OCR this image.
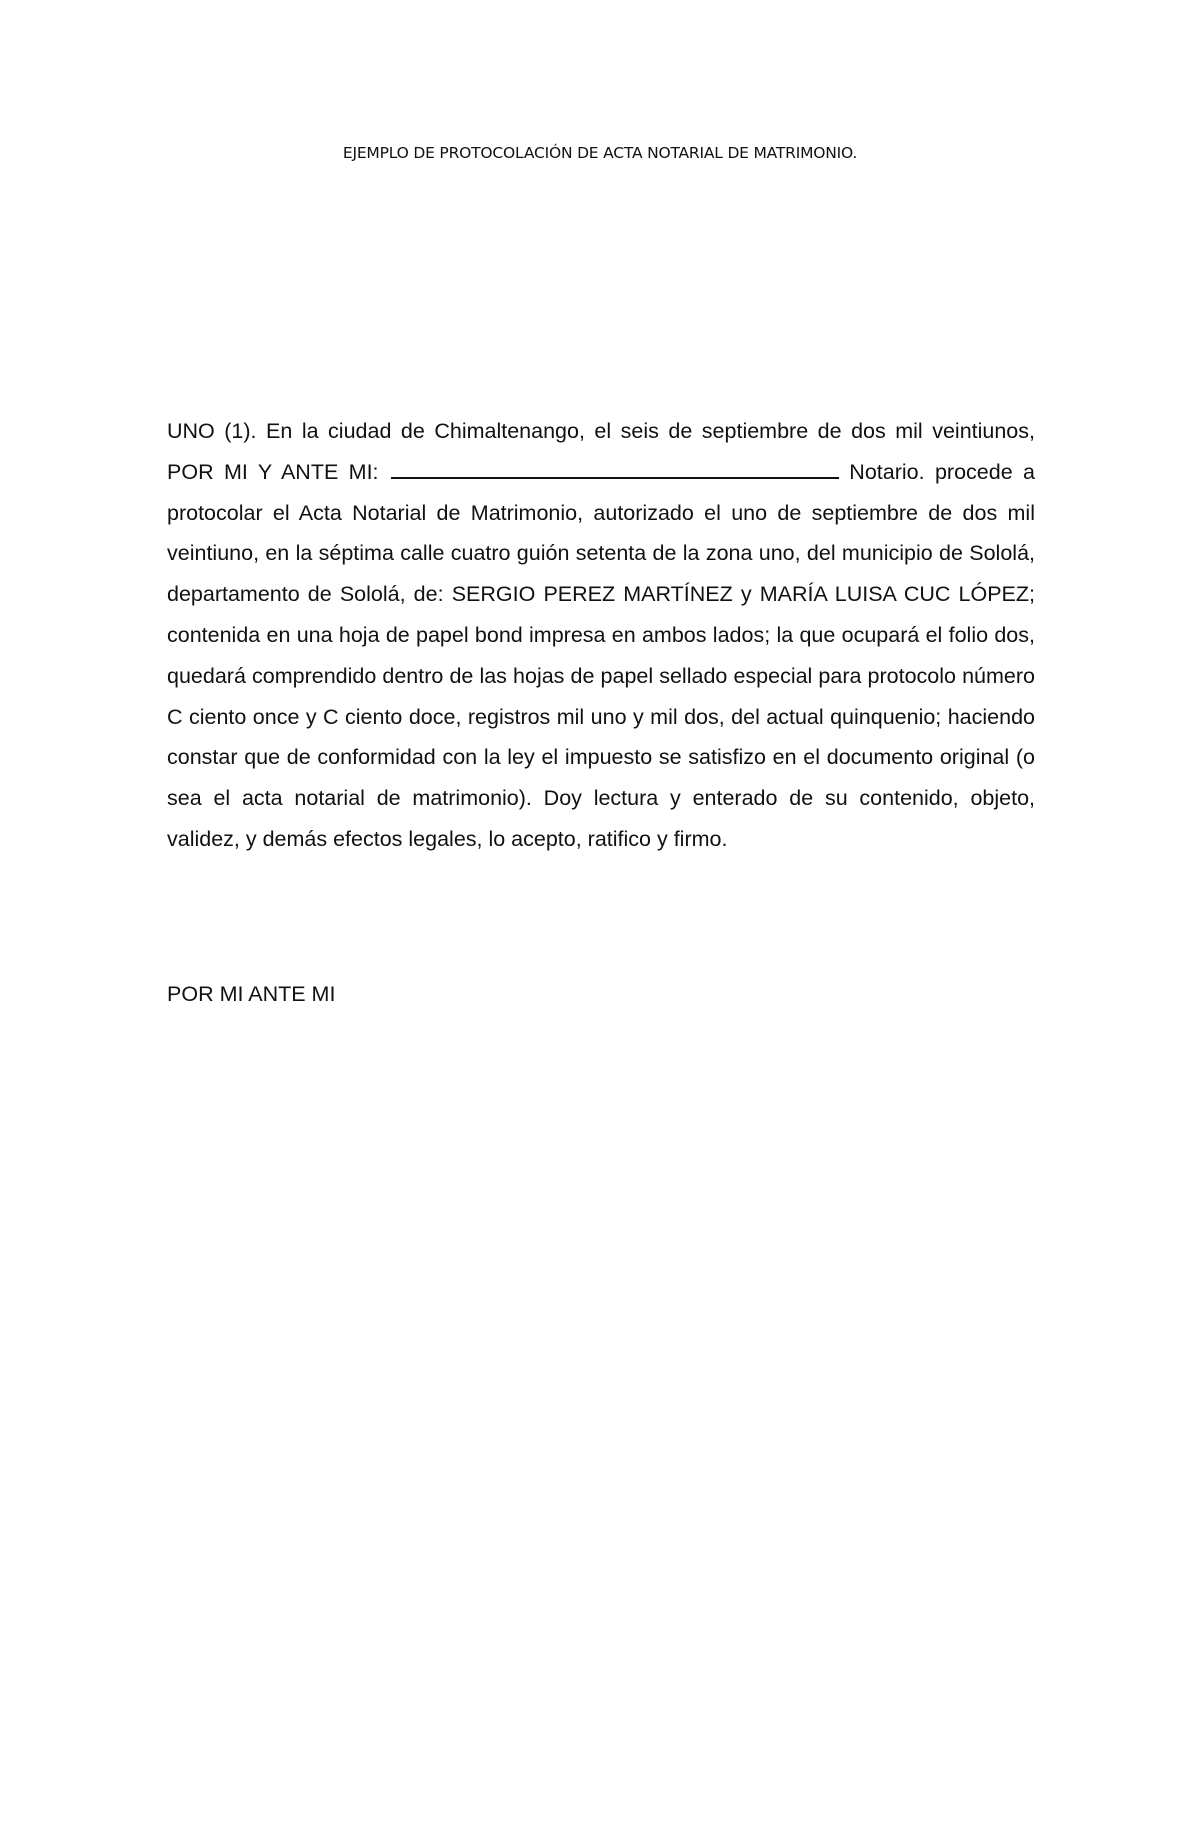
EJEMPLO DE PROTOCOLACIÓN DE ACTA NOTARIAL DE MATRIMONIO.

UNO (1). En la ciudad de Chimaltenango, el seis de septiembre de dos mil veintiunos, POR MI Y ANTE MI:	Notario. procede a protocolar el Acta Notarial de Matrimonio, autorizado el uno de septiembre de dos mil veintiuno, en la séptima calle cuatro guión setenta de la zona uno, del municipio de Sololá, departamento de Sololá, de: SERGIO PEREZ MARTÍNEZ y MARÍA LUISA CUC LÓPEZ; contenida en una hoja de papel bond impresa en ambos lados; la que ocupará el folio dos, quedará comprendido dentro de las hojas de papel sellado especial para protocolo número C ciento once y C ciento doce, registros mil uno y mil dos, del actual quinquenio; haciendo constar que de conformidad con la ley el impuesto se satisfizo en el documento original (o sea el acta notarial de matrimonio). Doy lectura y enterado de su contenido, objeto, validez, y demás efectos legales, lo acepto, ratifico y firmo.

POR MI ANTE MI
